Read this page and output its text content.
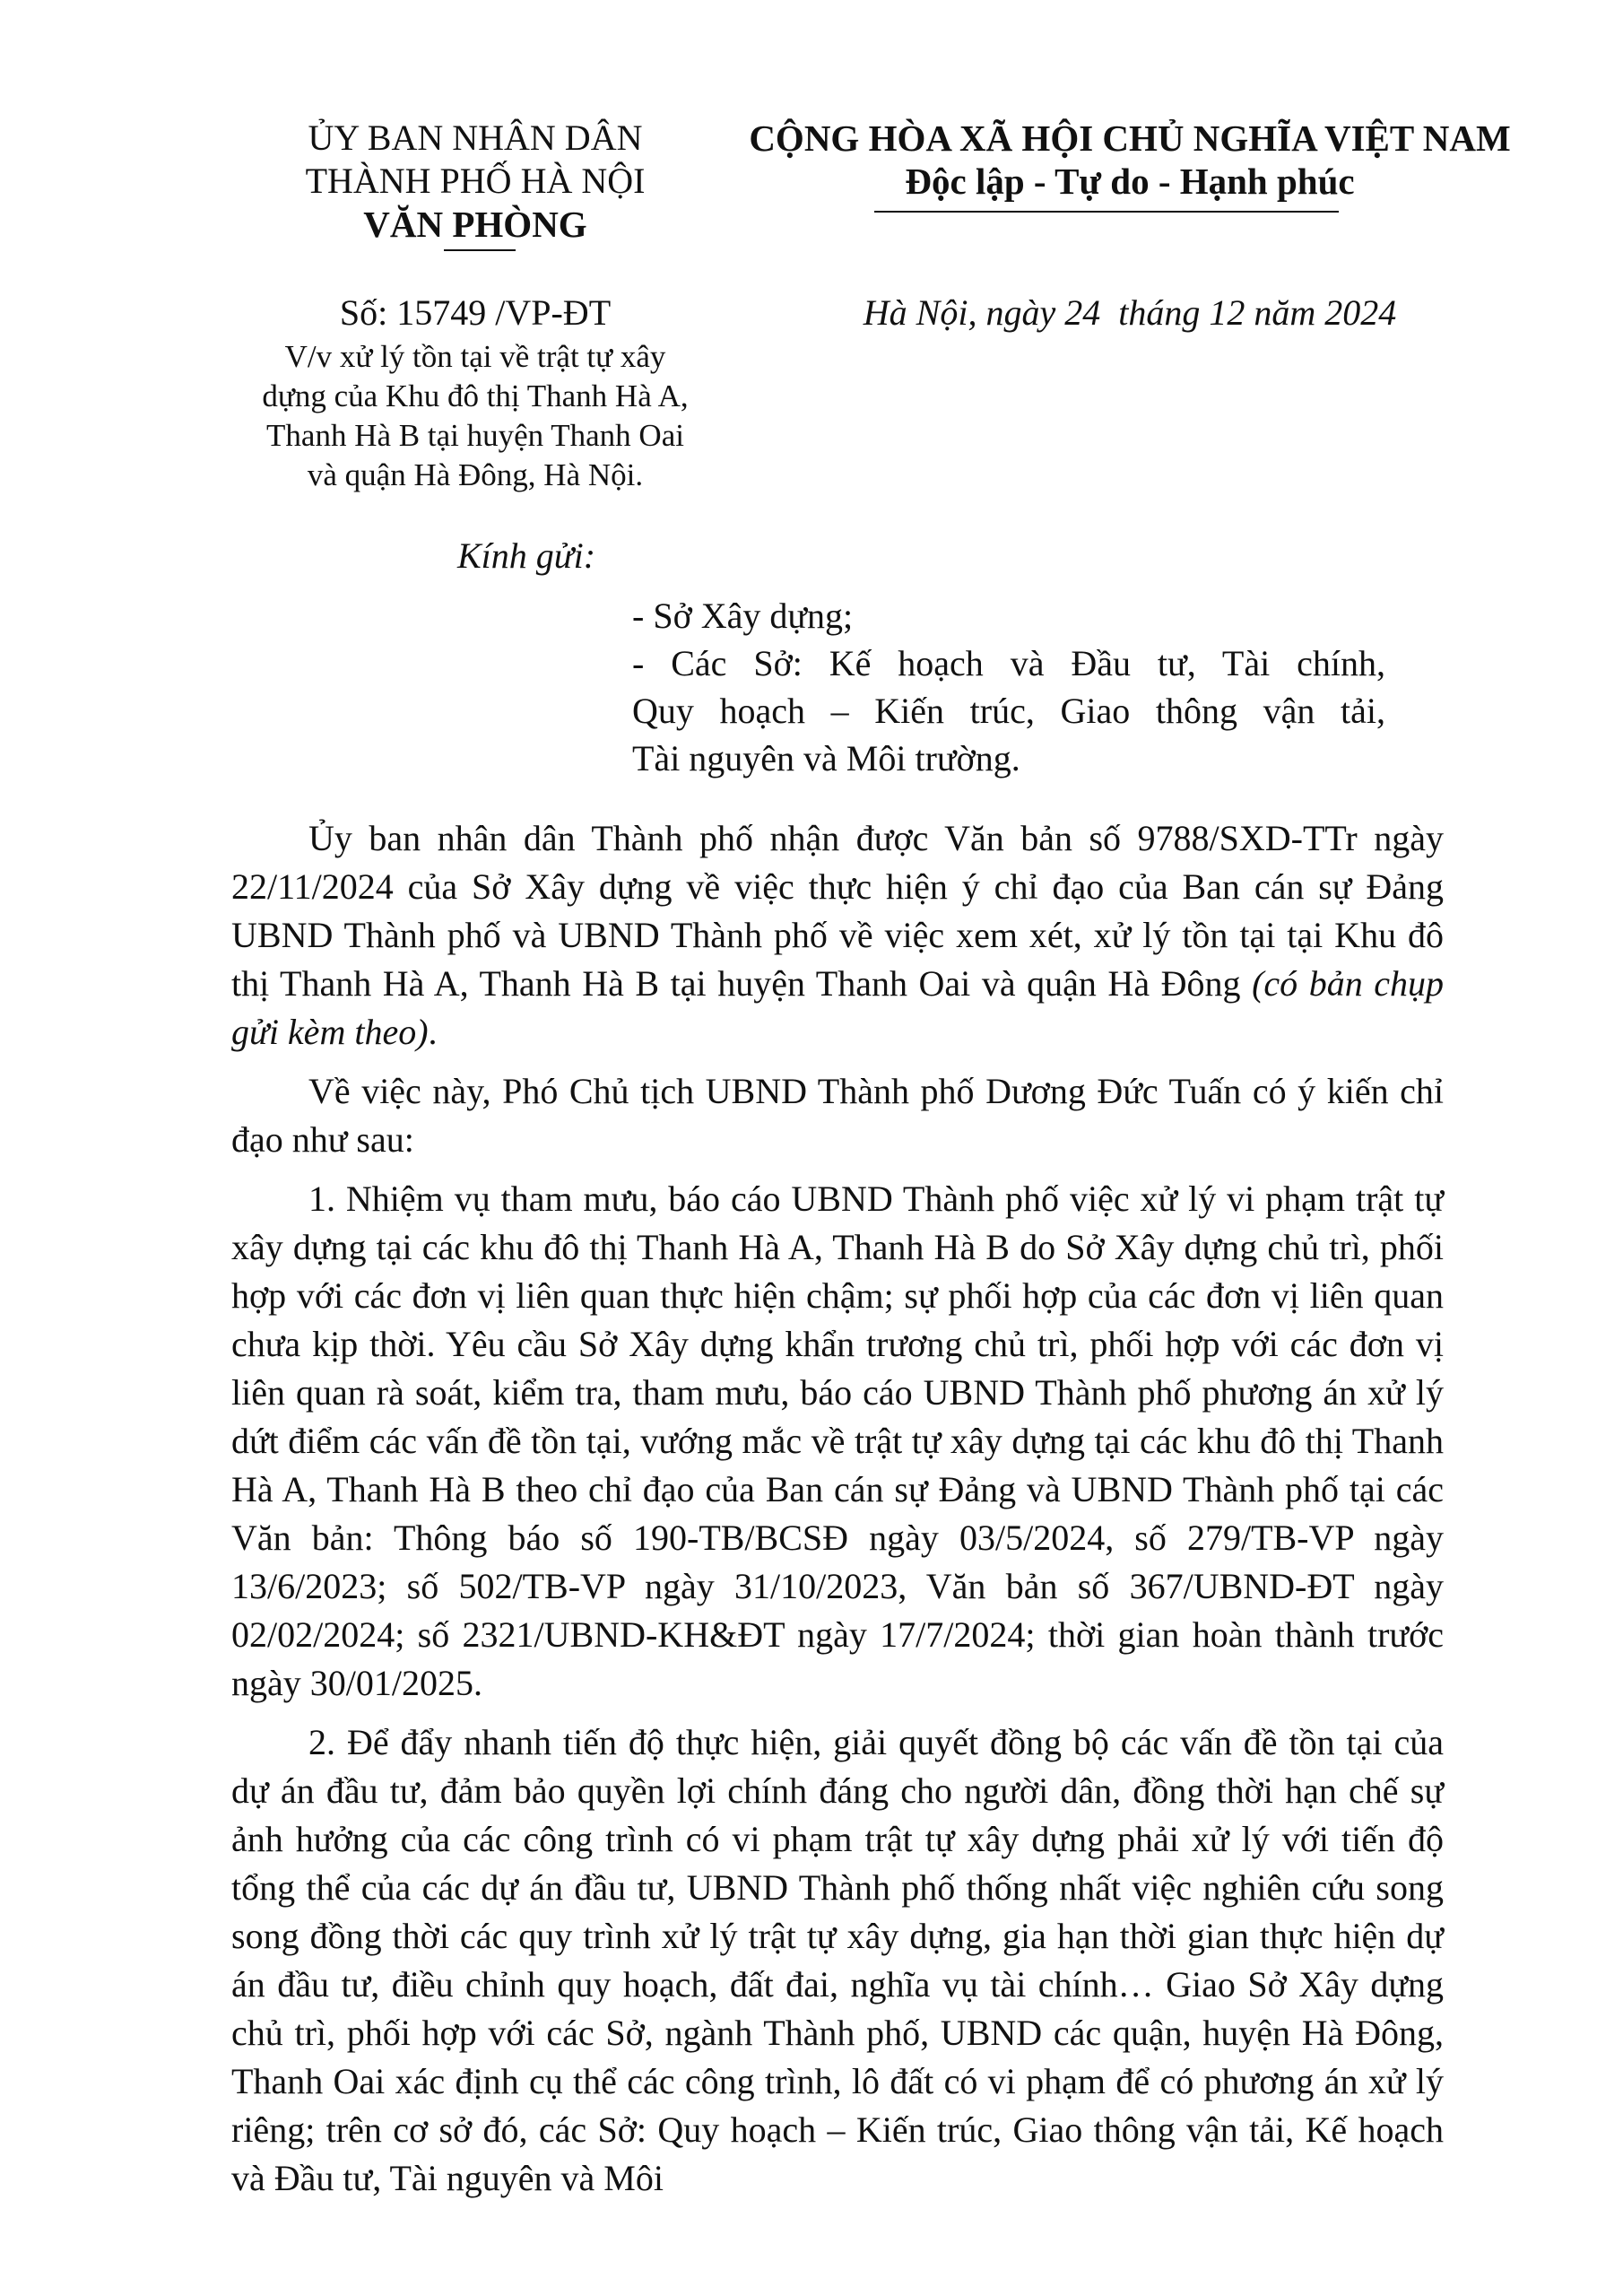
ỦY BAN NHÂN DÂN
THÀNH PHỐ HÀ NỘI
VĂN PHÒNG
CỘNG HÒA XÃ HỘI CHỦ NGHĨA VIỆT NAM
Độc lập - Tự do - Hạnh phúc
Số: 15749 /VP-ĐT	Hà Nội, ngày 24  tháng 12 năm 2024
V/v xử lý tồn tại về trật tự xây
dựng của Khu đô thị Thanh Hà A,
Thanh Hà B tại huyện Thanh Oai
và quận Hà Đông, Hà Nội.
Kính gửi:
- Sở Xây dựng;
- Các Sở: Kế hoạch và Đầu tư, Tài chính,
Quy hoạch – Kiến trúc, Giao thông vận tải,
Tài nguyên và Môi trường.

Ủy ban nhân dân Thành phố nhận được Văn bản số 9788/SXD-TTr ngày 22/11/2024 của Sở Xây dựng về việc thực hiện ý chỉ đạo của Ban cán sự Đảng UBND Thành phố và UBND Thành phố về việc xem xét, xử lý tồn tại tại Khu đô thị Thanh Hà A, Thanh Hà B tại huyện Thanh Oai và quận Hà Đông (có bản chụp gửi kèm theo).

Về việc này, Phó Chủ tịch UBND Thành phố Dương Đức Tuấn có ý kiến chỉ đạo như sau:

1. Nhiệm vụ tham mưu, báo cáo UBND Thành phố việc xử lý vi phạm trật tự xây dựng tại các khu đô thị Thanh Hà A, Thanh Hà B do Sở Xây dựng chủ trì, phối hợp với các đơn vị liên quan thực hiện chậm; sự phối hợp của các đơn vị liên quan chưa kịp thời. Yêu cầu Sở Xây dựng khẩn trương chủ trì, phối hợp với các đơn vị liên quan rà soát, kiểm tra, tham mưu, báo cáo UBND Thành phố phương án xử lý dứt điểm các vấn đề tồn tại, vướng mắc về trật tự xây dựng tại các khu đô thị Thanh Hà A, Thanh Hà B theo chỉ đạo của Ban cán sự Đảng và UBND Thành phố tại các Văn bản: Thông báo số 190-TB/BCSĐ ngày 03/5/2024, số 279/TB-VP ngày 13/6/2023; số 502/TB-VP ngày 31/10/2023, Văn bản số 367/UBND-ĐT ngày 02/02/2024; số 2321/UBND-KH&ĐT ngày 17/7/2024; thời gian hoàn thành trước ngày 30/01/2025.

2. Để đẩy nhanh tiến độ thực hiện, giải quyết đồng bộ các vấn đề tồn tại của dự án đầu tư, đảm bảo quyền lợi chính đáng cho người dân, đồng thời hạn chế sự ảnh hưởng của các công trình có vi phạm trật tự xây dựng phải xử lý với tiến độ tổng thể của các dự án đầu tư, UBND Thành phố thống nhất việc nghiên cứu song song đồng thời các quy trình xử lý trật tự xây dựng, gia hạn thời gian thực hiện dự án đầu tư, điều chỉnh quy hoạch, đất đai, nghĩa vụ tài chính… Giao Sở Xây dựng chủ trì, phối hợp với các Sở, ngành Thành phố, UBND các quận, huyện Hà Đông, Thanh Oai xác định cụ thể các công trình, lô đất có vi phạm để có phương án xử lý riêng; trên cơ sở đó, các Sở: Quy hoạch – Kiến trúc, Giao thông vận tải, Kế hoạch và Đầu tư, Tài nguyên và Môi
